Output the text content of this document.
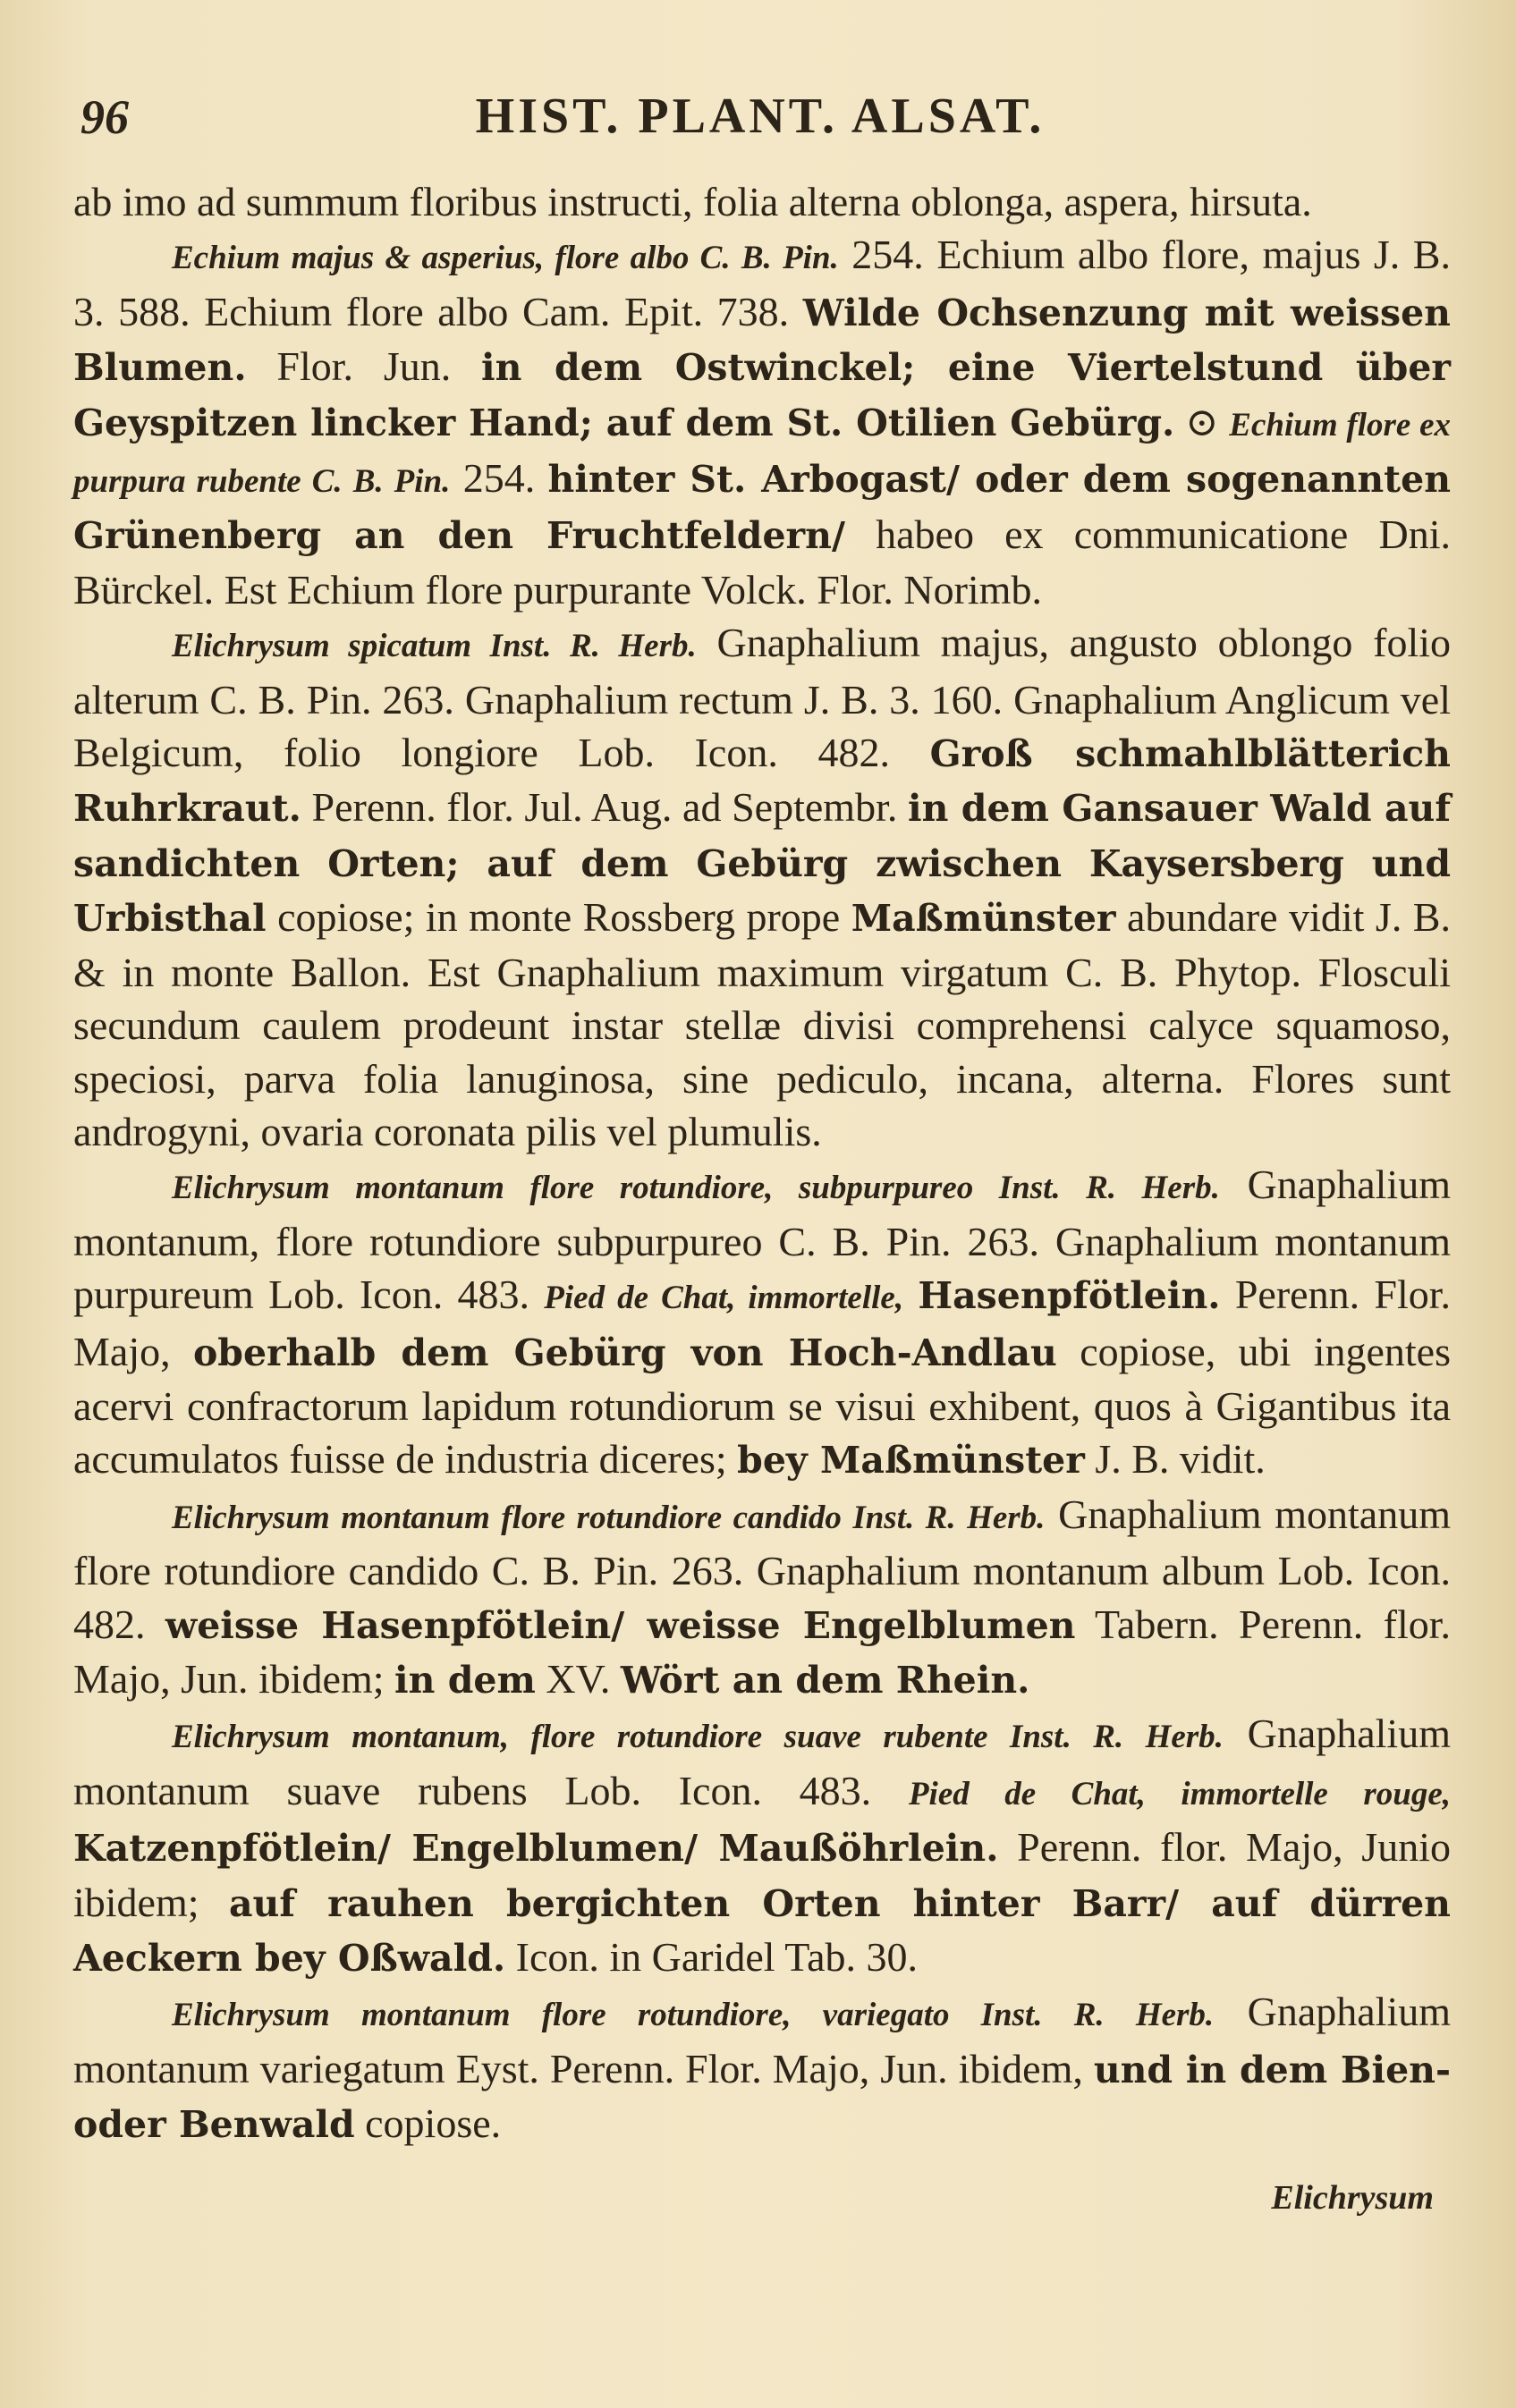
96	HIST. PLANT. ALSAT.

ab imo ad summum floribus instructi, folia alterna oblonga, aspera, hirsuta.

Echium majus & asperius, flore albo C. B. Pin. 254. Echium albo flore, majus J. B. 3. 588. Echium flore albo Cam. Epit. 738. Wilde Ochsenzung mit weissen Blumen. Flor. Jun. in dem Ostwinckel; eine Viertelstund über Geyspitzen lincker Hand; auf dem St. Otilien Gebürg. ⊙ Echium flore ex purpura rubente C. B. Pin. 254. hinter St. Arbogast/ oder dem sogenannten Grünenberg an den Fruchtfeldern/ habeo ex communicatione Dni. Bürckel. Est Echium flore purpurante Volck. Flor. Norimb.

Elichrysum spicatum Inst. R. Herb. Gnaphalium majus, angusto oblongo folio alterum C. B. Pin. 263. Gnaphalium rectum J. B. 3. 160. Gnaphalium Anglicum vel Belgicum, folio longiore Lob. Icon. 482. Groß schmahlblätterich Ruhrkraut. Perenn. flor. Jul. Aug. ad Septembr. in dem Gansauer Wald auf sandichten Orten; auf dem Gebürg zwischen Kaysersberg und Urbisthal copiose; in monte Rossberg prope Maßmünster abundare vidit J. B. & in monte Ballon. Est Gnaphalium maximum virgatum C. B. Phytop. Flosculi secundum caulem prodeunt instar stellæ divisi comprehensi calyce squamoso, speciosi, parva folia lanuginosa, sine pediculo, incana, alterna. Flores sunt androgyni, ovaria coronata pilis vel plumulis.

Elichrysum montanum flore rotundiore, subpurpureo Inst. R. Herb. Gnaphalium montanum, flore rotundiore subpurpureo C. B. Pin. 263. Gnaphalium montanum purpureum Lob. Icon. 483. Pied de Chat, immortelle, Hasenpfötlein. Perenn. Flor. Majo, oberhalb dem Gebürg von Hoch-Andlau copiose, ubi ingentes acervi confractorum lapidum rotundiorum se visui exhibent, quos à Gigantibus ita accumulatos fuisse de industria diceres; bey Maßmünster J. B. vidit.

Elichrysum montanum flore rotundiore candido Inst. R. Herb. Gnaphalium montanum flore rotundiore candido C. B. Pin. 263. Gnaphalium montanum album Lob. Icon. 482. weisse Hasenpfötlein/ weisse Engelblumen Tabern. Perenn. flor. Majo, Jun. ibidem; in dem XV. Wört an dem Rhein.

Elichrysum montanum, flore rotundiore suave rubente Inst. R. Herb. Gnaphalium montanum suave rubens Lob. Icon. 483. Pied de Chat, immortelle rouge, Katzenpfötlein/ Engelblumen/ Maußöhrlein. Perenn. flor. Majo, Junio ibidem; auf rauhen bergichten Orten hinter Barr/ auf dürren Aeckern bey Oßwald. Icon. in Garidel Tab. 30.

Elichrysum montanum flore rotundiore, variegato Inst. R. Herb. Gnaphalium montanum variegatum Eyst. Perenn. Flor. Majo, Jun. ibidem, und in dem Bien- oder Benwald copiose.

Elichrysum
